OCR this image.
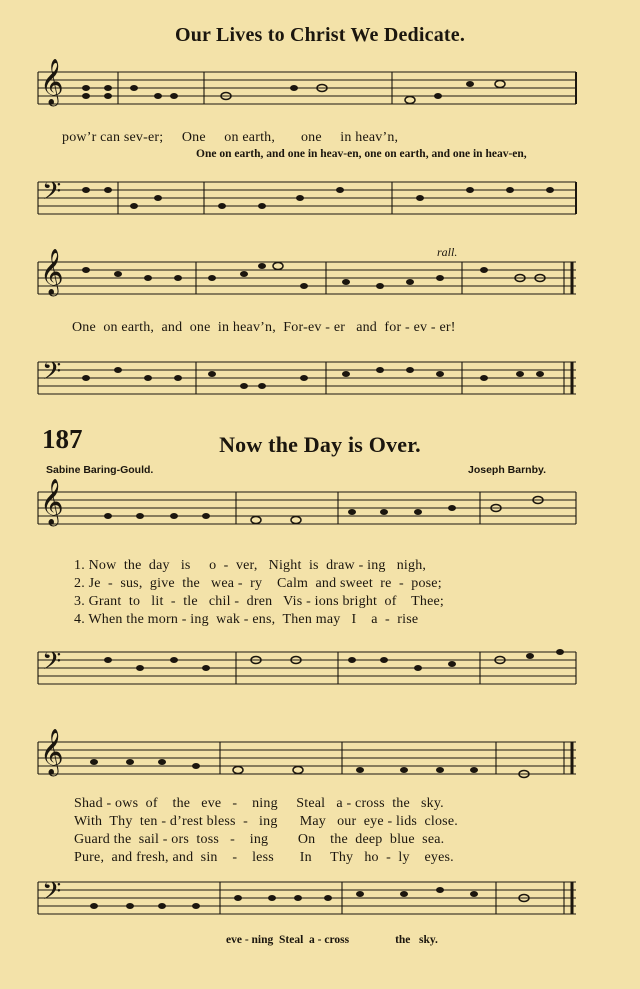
Our Lives to Christ We Dedicate.
𝄞
pow’r can sev-er;     One     on earth,       one     in heav’n,
One on earth, and one in heav-en, one on earth, and one in heav-en,
𝄢
rall.
𝄞
One  on earth,  and  one  in heav’n,  For-ev - er   and  for - ev - er!
𝄢
187	Now the Day is Over.
Sabine Baring-Gould.	Joseph Barnby.
𝄞
1. Now  the  day   is     o  -  ver,   Night  is  draw - ing   nigh,
2. Je  -  sus,  give  the   wea -  ry    Calm  and sweet  re  -  pose;
3. Grant  to   lit  -  tle   chil -  dren   Vis - ions bright  of    Thee;
4. When the morn - ing  wak - ens,  Then may   I    a  -  rise
𝄢
𝄞
Shad - ows  of    the   eve   -    ning     Steal   a - cross  the   sky.
With  Thy  ten - d’rest bless  -   ing      May   our  eye - lids  close.
Guard the  sail - ors  toss   -    ing        On    the  deep  blue  sea.
Pure,  and fresh, and  sin    -    less       In     Thy   ho  -  ly    eyes.
𝄢
eve - ning  Steal  a - cross                the   sky.
